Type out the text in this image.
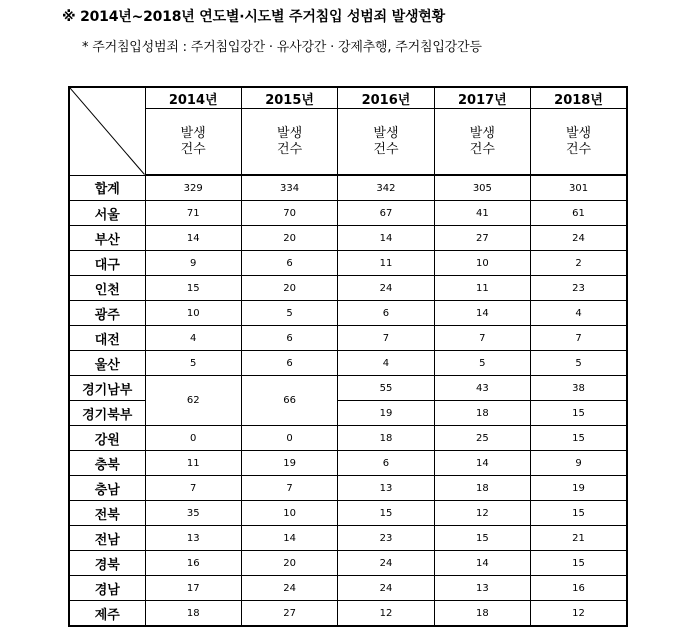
※ 2014년~2018년 연도별·시도별 주거침입 성범죄 발생현황
* 주거침입성범죄 : 주거침입강간 · 유사강간 · 강제추행, 주거침입강간등
	2014년	2015년	2016년	2017년	2018년
	발생
건수	발생
건수	발생
건수	발생
건수	발생
건수
합계	329	334	342	305	301
서울	71	70	67	41	61
부산	14	20	14	27	24
대구	9	6	11	10	2
인천	15	20	24	11	23
광주	10	5	6	14	4
대전	4	6	7	7	7
울산	5	6	4	5	5
경기남부	62	66	55	43	38
경기북부			19	18	15
강원	0	0	18	25	15
충북	11	19	6	14	9
충남	7	7	13	18	19
전북	35	10	15	12	15
전남	13	14	23	15	21
경북	16	20	24	14	15
경남	17	24	24	13	16
제주	18	27	12	18	12
